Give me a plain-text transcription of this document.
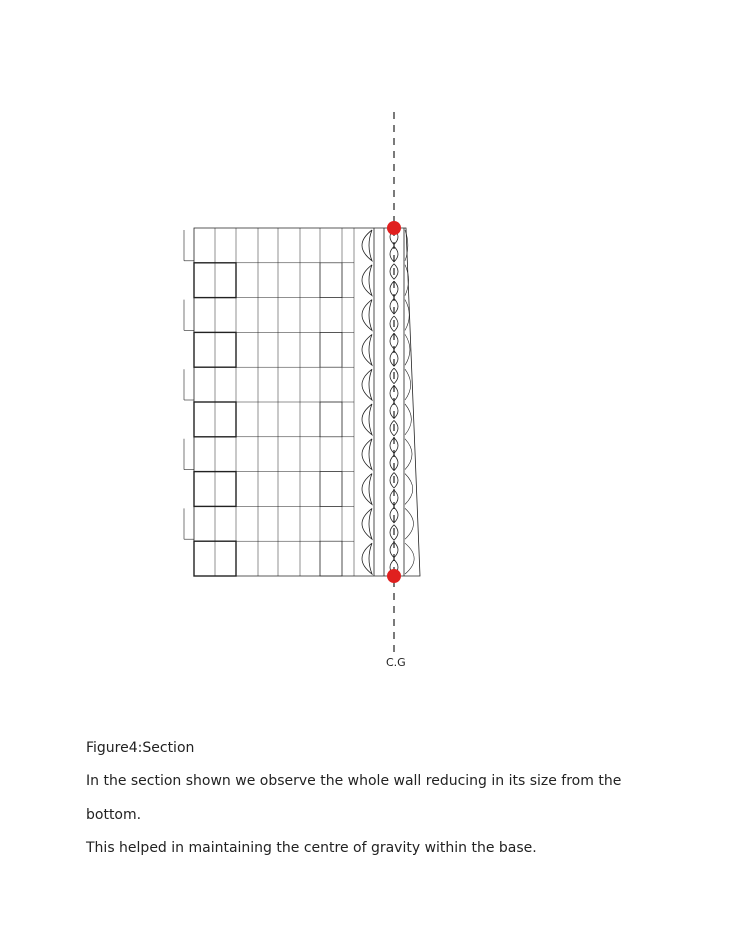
C.G
Figure4:Section
In the section shown we observe the whole wall reducing in its size from the
bottom.
This helped in maintaining the centre of gravity within the base.
